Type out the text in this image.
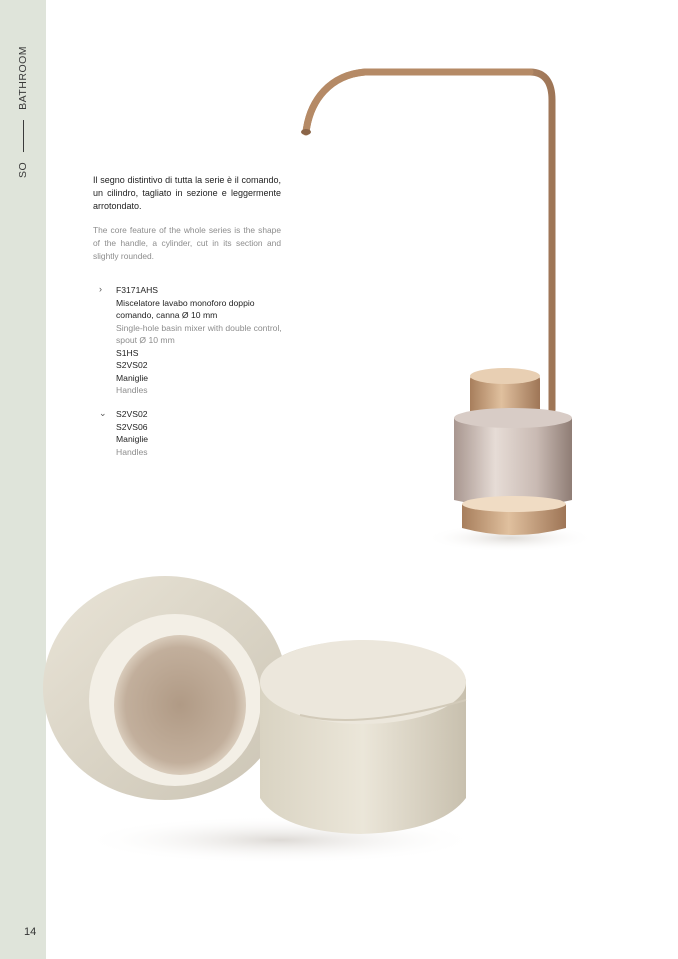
SO
BATHROOM
14
Il segno distintivo di tutta la serie è il comando, un cilindro, tagliato in sezione e leggermente arrotondato.
The core feature of the whole series is the shape of the handle, a cylinder, cut in its section and slightly rounded.
›	F3171AHS
Miscelatore lavabo monoforo doppio comando, canna Ø 10 mm
Single-hole basin mixer with double control, spout Ø 10 mm
S1HS
S2VS02
Maniglie
Handles
⌄	S2VS02
S2VS06
Maniglie
Handles
